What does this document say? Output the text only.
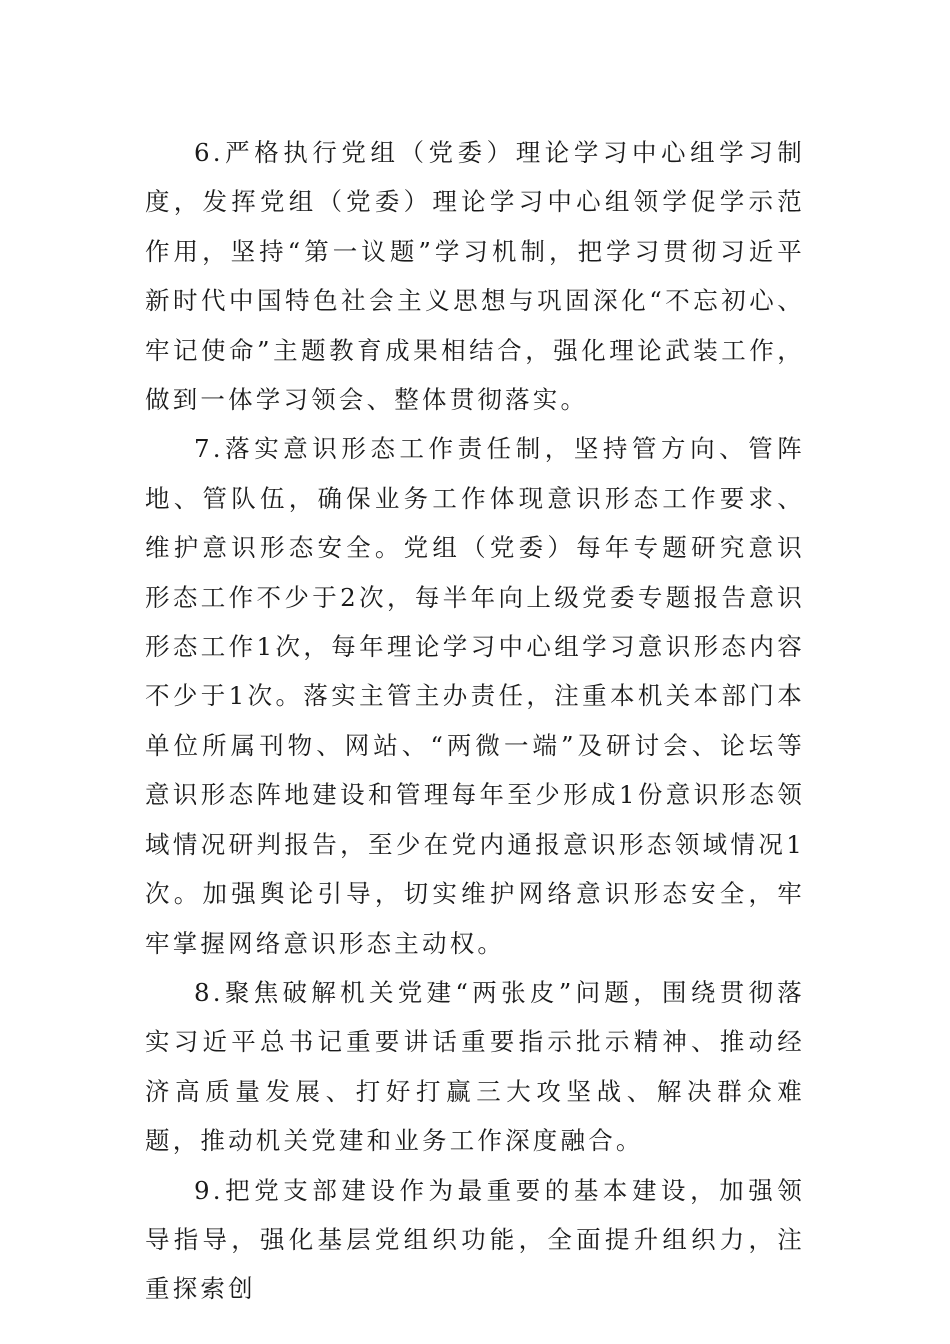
6.严格执行党组（党委）理论学习中心组学习制度，发挥党组（党委）理论学习中心组领学促学示范作用，坚持“第一议题”学习机制，把学习贯彻习近平新时代中国特色社会主义思想与巩固深化“不忘初心、牢记使命”主题教育成果相结合，强化理论武装工作，做到一体学习领会、整体贯彻落实。

7.落实意识形态工作责任制，坚持管方向、管阵地、管队伍，确保业务工作体现意识形态工作要求、维护意识形态安全。党组（党委）每年专题研究意识形态工作不少于2次，每半年向上级党委专题报告意识形态工作1次，每年理论学习中心组学习意识形态内容不少于1次。落实主管主办责任，注重本机关本部门本单位所属刊物、网站、“两微一端”及研讨会、论坛等意识形态阵地建设和管理每年至少形成1份意识形态领域情况研判报告，至少在党内通报意识形态领域情况1次。加强舆论引导，切实维护网络意识形态安全，牢牢掌握网络意识形态主动权。

8.聚焦破解机关党建“两张皮”问题，围绕贯彻落实习近平总书记重要讲话重要指示批示精神、推动经济高质量发展、打好打赢三大攻坚战、解决群众难题，推动机关党建和业务工作深度融合。

9.把党支部建设作为最重要的基本建设，加强领导指导，强化基层党组织功能，全面提升组织力，注重探索创
